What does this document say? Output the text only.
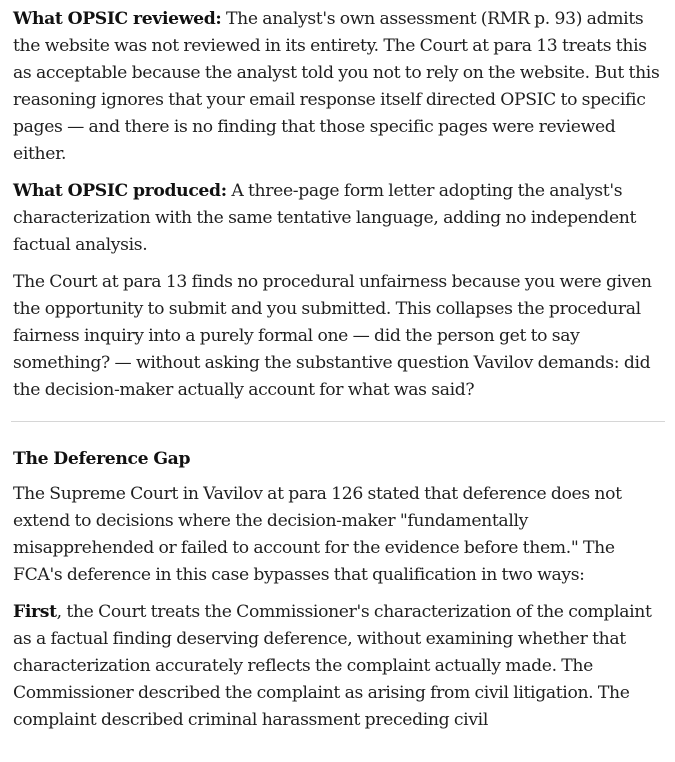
What OPSIC reviewed: The analyst's own assessment (RMR p. 93) admits the website was not reviewed in its entirety. The Court at para 13 treats this as acceptable because the analyst told you not to rely on the website. But this reasoning ignores that your email response itself directed OPSIC to specific pages — and there is no finding that those specific pages were reviewed either.

What OPSIC produced: A three-page form letter adopting the analyst's characterization with the same tentative language, adding no independent factual analysis.

The Court at para 13 finds no procedural unfairness because you were given the opportunity to submit and you submitted. This collapses the procedural fairness inquiry into a purely formal one — did the person get to say something? — without asking the substantive question Vavilov demands: did the decision-maker actually account for what was said?

The Deference Gap

The Supreme Court in Vavilov at para 126 stated that deference does not extend to decisions where the decision-maker "fundamentally misapprehended or failed to account for the evidence before them." The FCA's deference in this case bypasses that qualification in two ways:

First, the Court treats the Commissioner's characterization of the complaint as a factual finding deserving deference, without examining whether that characterization accurately reflects the complaint actually made. The Commissioner described the complaint as arising from civil litigation. The complaint described criminal harassment preceding civil
